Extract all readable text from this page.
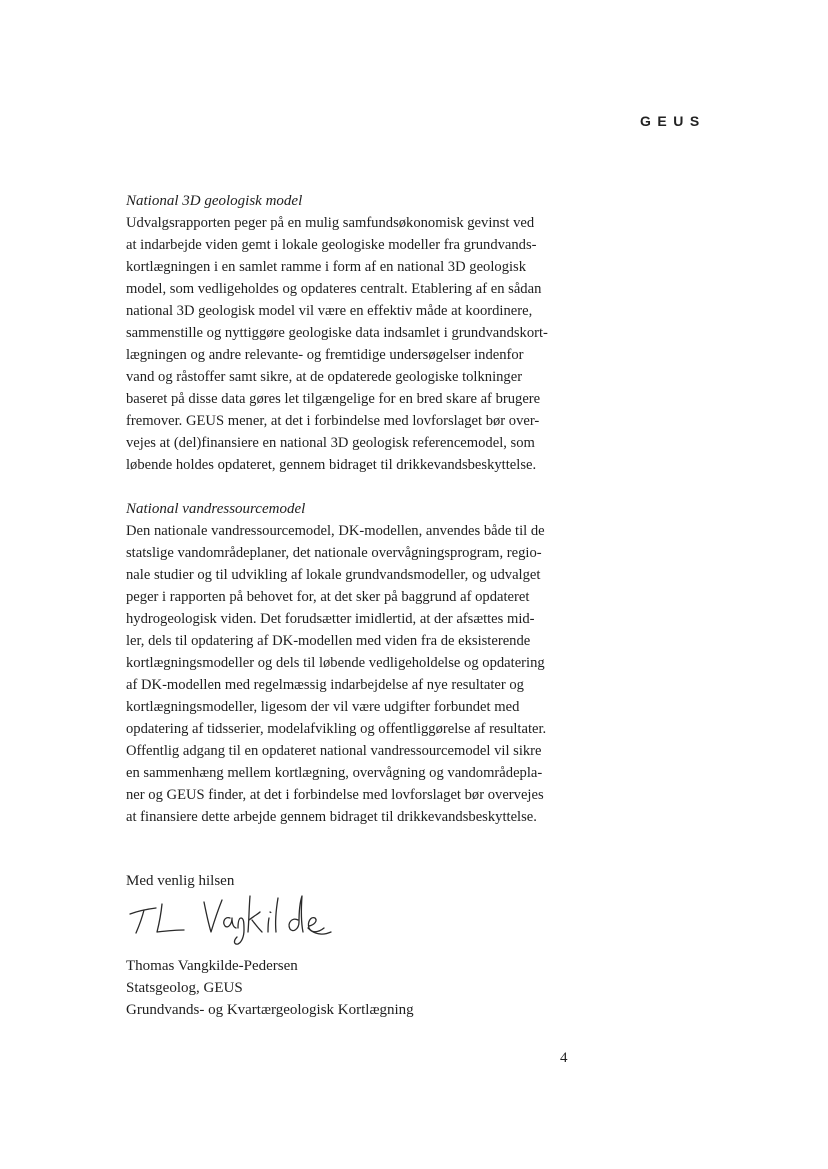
GEUS
National 3D geologisk model
Udvalgsrapporten peger på en mulig samfundsøkonomisk gevinst ved
at indarbejde viden gemt i lokale geologiske modeller fra grundvands-
kortlægningen i en samlet ramme i form af en national 3D geologisk
model, som vedligeholdes og opdateres centralt. Etablering af en sådan
national 3D geologisk model vil være en effektiv måde at koordinere,
sammenstille og nyttiggøre geologiske data indsamlet i grundvandskort-
lægningen og andre relevante- og fremtidige undersøgelser indenfor
vand og råstoffer samt sikre, at de opdaterede geologiske tolkninger
baseret på disse data gøres let tilgængelige for en bred skare af brugere
fremover. GEUS mener, at det i forbindelse med lovforslaget bør over-
vejes at (del)finansiere en national 3D geologisk referencemodel, som
løbende holdes opdateret, gennem bidraget til drikkevandsbeskyttelse.
National vandressourcemodel
Den nationale vandressourcemodel, DK-modellen, anvendes både til de
statslige vandområdeplaner, det nationale overvågningsprogram, regio-
nale studier og til udvikling af lokale grundvandsmodeller, og udvalget
peger i rapporten på behovet for, at det sker på baggrund af opdateret
hydrogeologisk viden. Det forudsætter imidlertid, at der afsættes mid-
ler, dels til opdatering af DK-modellen med viden fra de eksisterende
kortlægningsmodeller og dels til løbende vedligeholdelse og opdatering
af DK-modellen med regelmæssig indarbejdelse af nye resultater og
kortlægningsmodeller, ligesom der vil være udgifter forbundet med
opdatering af tidsserier, modelafvikling og offentliggørelse af resultater.
Offentlig adgang til en opdateret national vandressourcemodel vil sikre
en sammenhæng mellem kortlægning, overvågning og vandområdepla-
ner og GEUS finder, at det i forbindelse med lovforslaget bør overvejes
at finansiere dette arbejde gennem bidraget til drikkevandsbeskyttelse.
Med venlig hilsen
Thomas Vangkilde-Pedersen
Statsgeolog, GEUS
Grundvands- og Kvartærgeologisk Kortlægning
4
